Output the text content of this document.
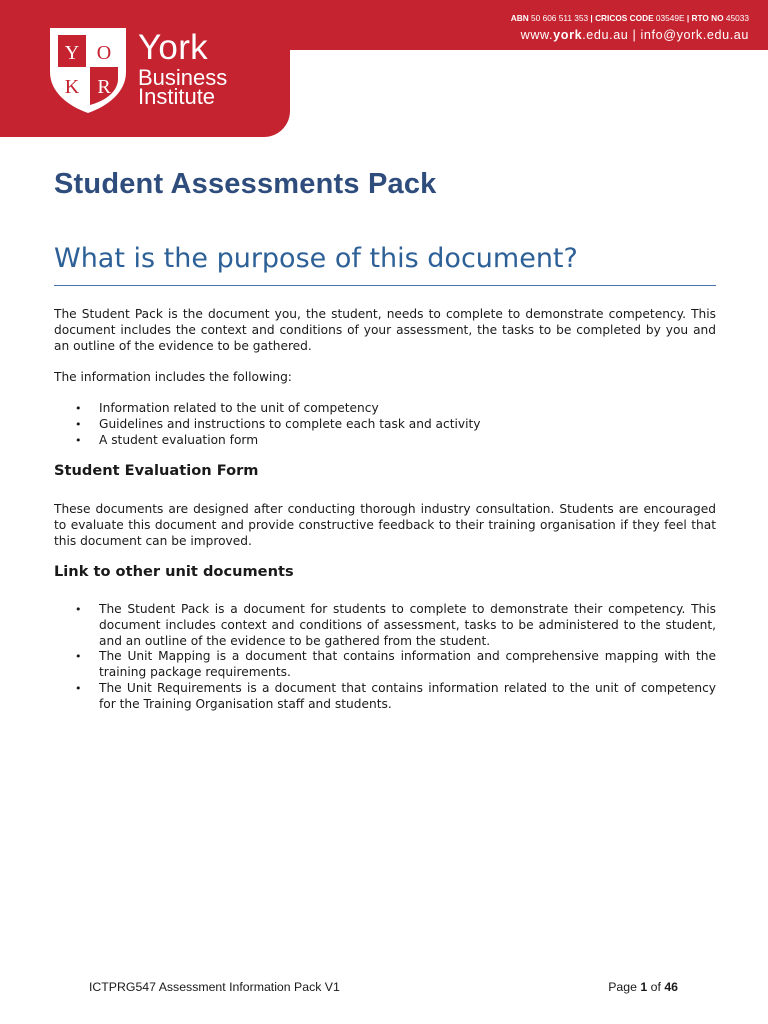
Y O
K R
York
Business
Institute
ABN 50 606 511 353 | CRICOS CODE 03549E | RTO NO 45033
www.york.edu.au | info@york.edu.au
Student Assessments Pack
What is the purpose of this document?

The Student Pack is the document you, the student, needs to complete to demonstrate competency. This document includes the context and conditions of your assessment, the tasks to be completed by you and an outline of the evidence to be gathered.

The information includes the following:

• Information related to the unit of competency
• Guidelines and instructions to complete each task and activity
• A student evaluation form
Student Evaluation Form

These documents are designed after conducting thorough industry consultation. Students are encouraged to evaluate this document and provide constructive feedback to their training organisation if they feel that this document can be improved.

Link to other unit documents
• The Student Pack is a document for students to complete to demonstrate their competency. This document includes context and conditions of assessment, tasks to be administered to the student, and an outline of the evidence to be gathered from the student.
• The Unit Mapping is a document that contains information and comprehensive mapping with the training package requirements.
• The Unit Requirements is a document that contains information related to the unit of competency for the Training Organisation staff and students.
ICTPRG547 Assessment Information Pack V1	Page 1 of 46
